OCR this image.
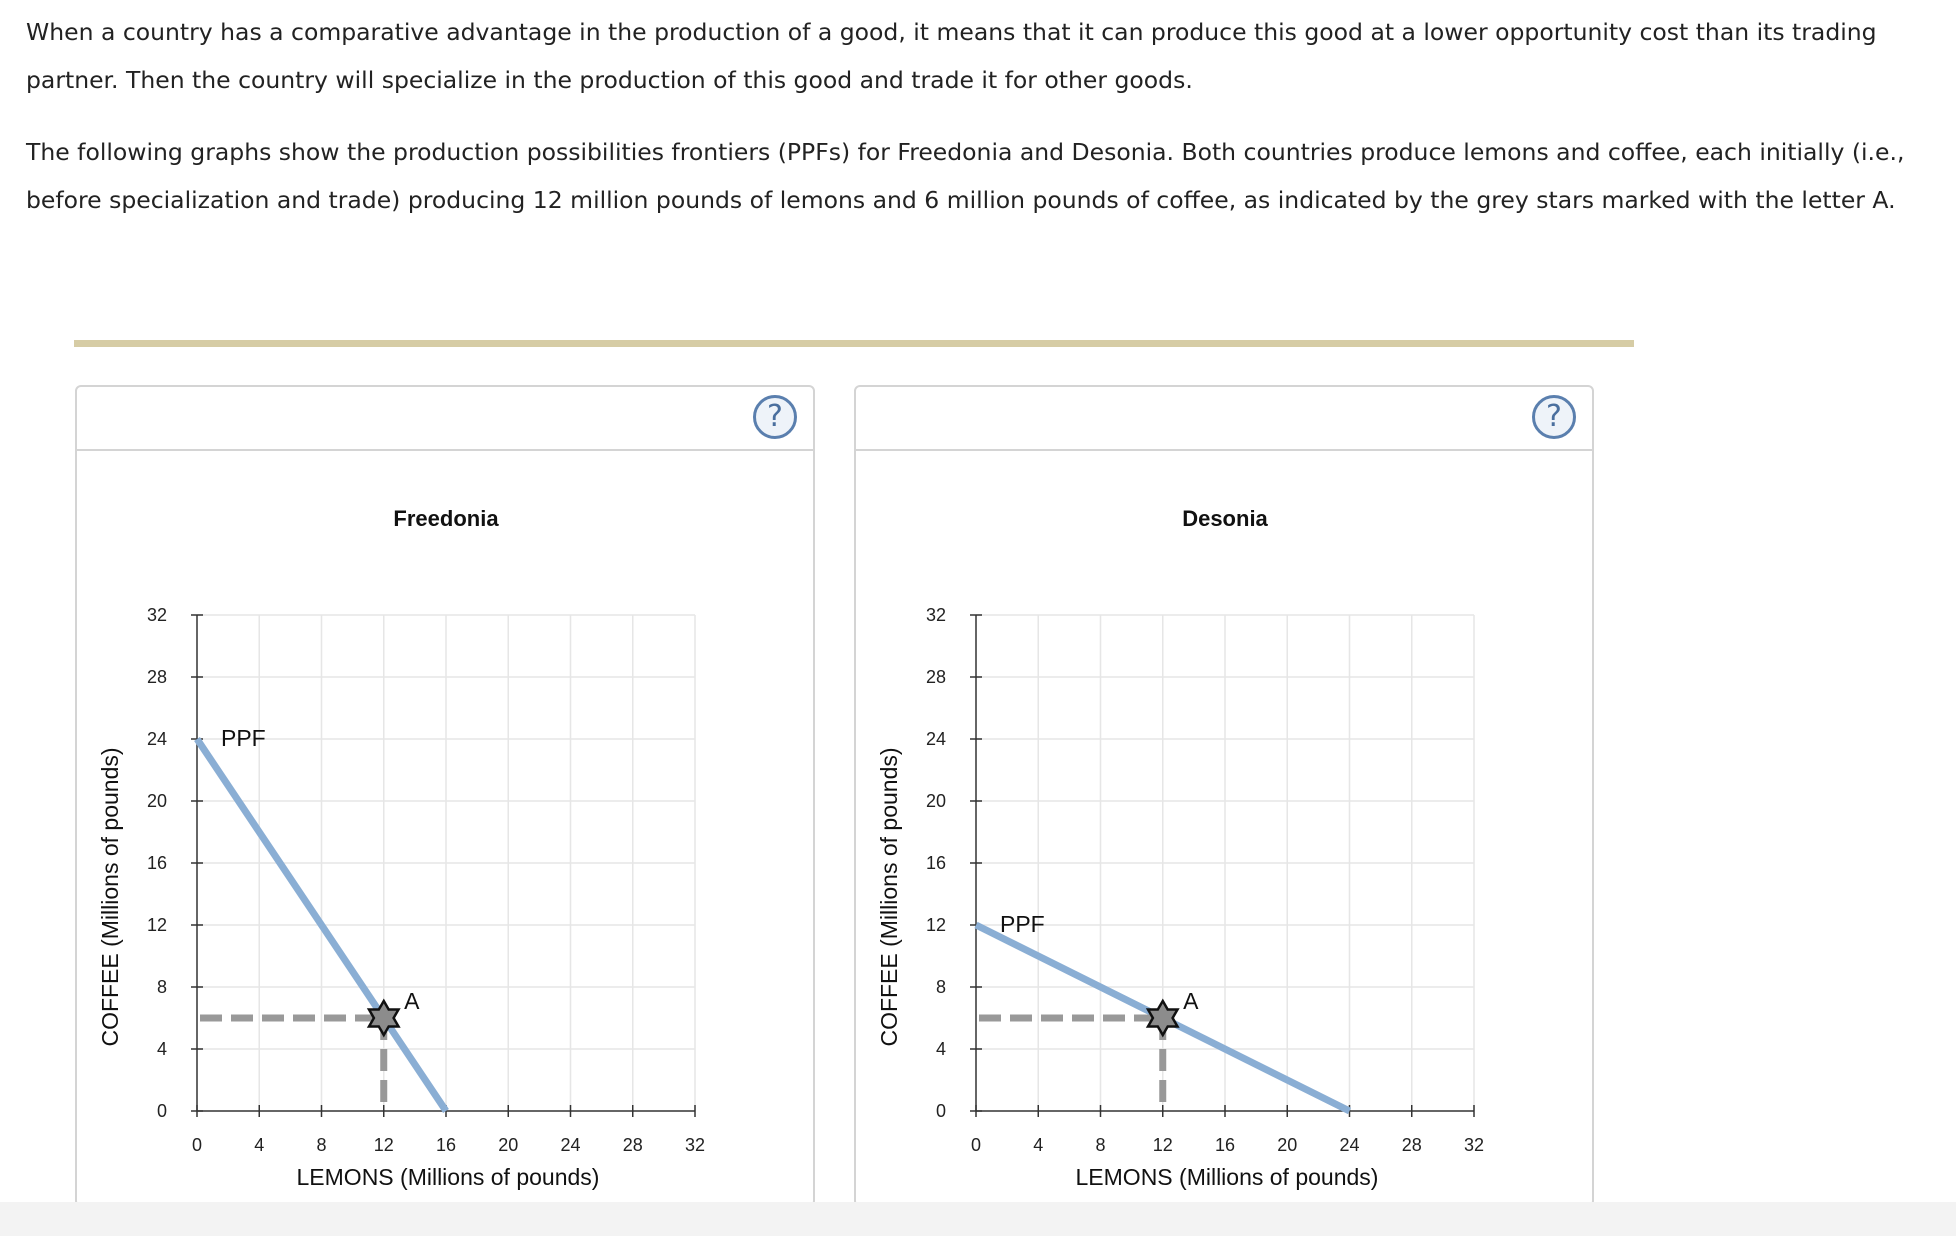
When a country has a comparative advantage in the production of a good, it means that it can produce this good at a lower opportunity cost than its trading partner. Then the country will specialize in the production of this good and trade it for other goods.

The following graphs show the production possibilities frontiers (PPFs) for Freedonia and Desonia. Both countries produce lemons and coffee, each initially (i.e., before specialization and trade) producing 12 million pounds of lemons and 6 million pounds of coffee, as indicated by the grey stars marked with the letter A.

?
Freedonia
0	4	8	12 16 20 24 28 32
0
4
8
12
16
20
24
28
32
LEMONS (Millions of pounds)
COFFEE (Millions of pounds)
PPF
A
?
Desonia
0	4	8	12 16 20 24 28 32
0
4
8
12
16
20
24
28
32
LEMONS (Millions of pounds)
COFFEE (Millions of pounds)	PPF
A
